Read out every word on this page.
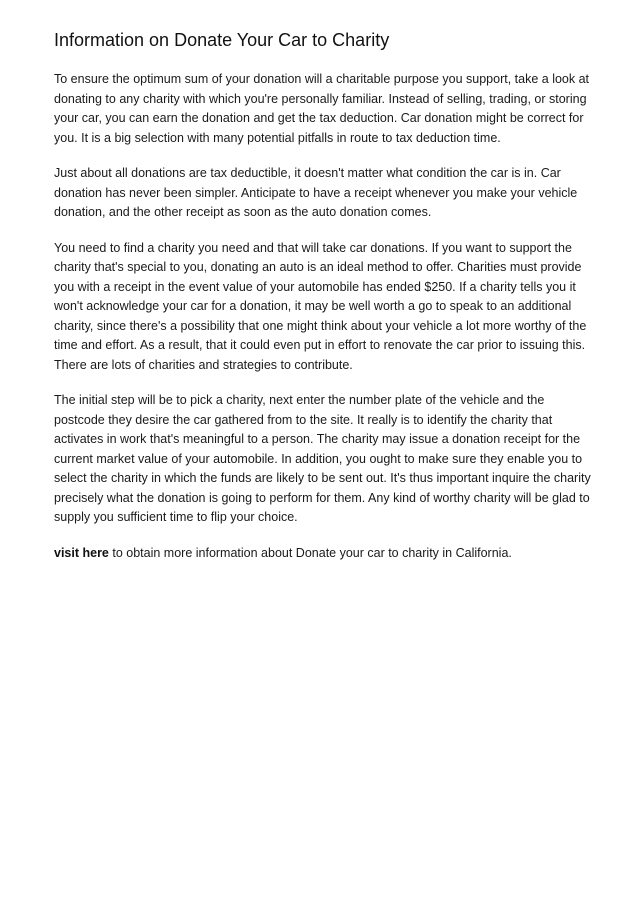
Information on Donate Your Car to Charity

To ensure the optimum sum of your donation will a charitable purpose you support, take a look at donating to any charity with which you're personally familiar. Instead of selling, trading, or storing your car, you can earn the donation and get the tax deduction. Car donation might be correct for you. It is a big selection with many potential pitfalls in route to tax deduction time.

Just about all donations are tax deductible, it doesn't matter what condition the car is in. Car donation has never been simpler. Anticipate to have a receipt whenever you make your vehicle donation, and the other receipt as soon as the auto donation comes.

You need to find a charity you need and that will take car donations. If you want to support the charity that's special to you, donating an auto is an ideal method to offer. Charities must provide you with a receipt in the event value of your automobile has ended $250. If a charity tells you it won't acknowledge your car for a donation, it may be well worth a go to speak to an additional charity, since there's a possibility that one might think about your vehicle a lot more worthy of the time and effort. As a result, that it could even put in effort to renovate the car prior to issuing this. There are lots of charities and strategies to contribute.

The initial step will be to pick a charity, next enter the number plate of the vehicle and the postcode they desire the car gathered from to the site. It really is to identify the charity that activates in work that's meaningful to a person. The charity may issue a donation receipt for the current market value of your automobile. In addition, you ought to make sure they enable you to select the charity in which the funds are likely to be sent out. It's thus important inquire the charity precisely what the donation is going to perform for them. Any kind of worthy charity will be glad to supply you sufficient time to flip your choice.

visit here to obtain more information about Donate your car to charity in California.
